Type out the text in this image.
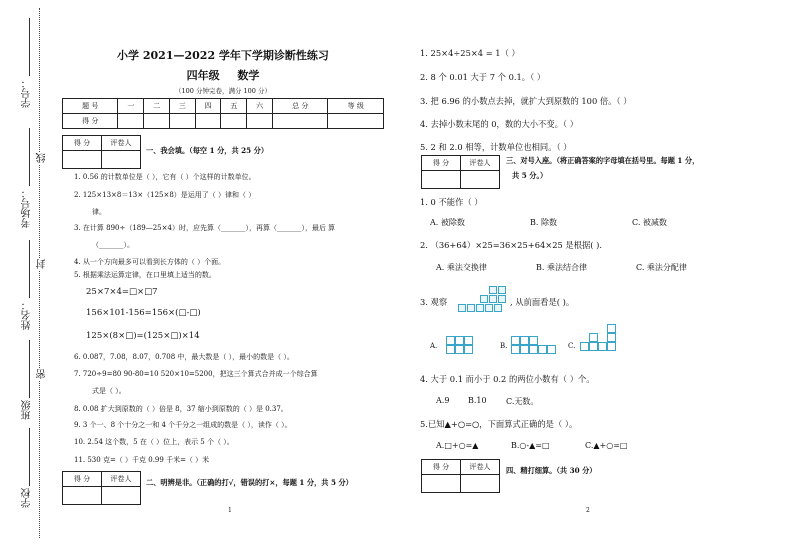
学号：
考场号：
姓名：
班级
学校
线
封
密
小学 2021—2022 学年下学期诊断性练习
四年级 数学
（100 分钟完卷，满分 100 分）
题 号	一	二	三	四	五	六	总 分	等 级
得 分								
得 分	评卷人

一、我会填。（每空 1 分，共 25 分）
1. 0.56 的计数单位是（ ），它有（ ）个这样的计数单位。
2. 125×13×8＝13×（125×8）是运用了（ ）律和（ ）
律。
3. 在计算 890÷（189—25×4）时，应先算（_______），再算（_______），最后 算
（_______）。
4. 从一个方向最多可以看到长方体的（ ）个面。
5. 根据乘法运算定律，在口里填上适当的数。
25×7×4=□×□7
156×101-156=156×(□-□)
125×(8×□)=(125×□)×14
6. 0.087，7.08，8.07，0.708 中，最大数是（ ），最小的数是（ ）。
7. 720÷9=80 90-80=10 520×10=5200，把这三个算式合并成一个综合算
式是（ ）。
8. 0.08 扩大到原数的（ ）倍是 8，37 缩小到原数的（ ）是 0.37。
9. 3 个一、8 个十分之一和 4 个千分之一组成的数是（ ），读作（ ）。
10. 2.54 这个数，5 在（ ）位上，表示 5 个（ ）。
11. 530 克=（ ）千克 0.99 千米=（ ）米
得 分	评卷人
	二、明辨是非。（正确的打√，错误的打×，每题 1 分，共 5 分）
1
1. 25×4÷25×4 = 1（ ）
2. 8 个 0.01 大于 7 个 0.1。（ ）
3. 把 6.96 的小数点去掉，就扩大到原数的 100 倍。（ ）
4. 去掉小数末尾的 0，数的大小不变。（ ）
5. 2 和 2.0 相等，计数单位也相同。（ ）
得 分	评卷人
	三、对号入座。（将正确答案的字母填在括号里。每题 1 分，
共 5 分。）
1. 0 不能作（ ）
A. 被除数	B. 除数	C. 被减数
2. （36+64）×25=36×25+64×25 是根据( ).
A. 乘法交换律	B. 乘法结合律	C. 乘法分配律
3. 观察	, 从前面看是( )。
A.	B.	C.
4. 大于 0.1 而小于 0.2 的两位小数有（ ）个。
A.9 B.10 C.无数。
5.已知▲+○=○，下面算式正确的是（ ）。
A.□+○=▲	B.○-▲=□	C.▲+○=□
得 分	评卷人
	四、精打细算。（共 30 分）
2
